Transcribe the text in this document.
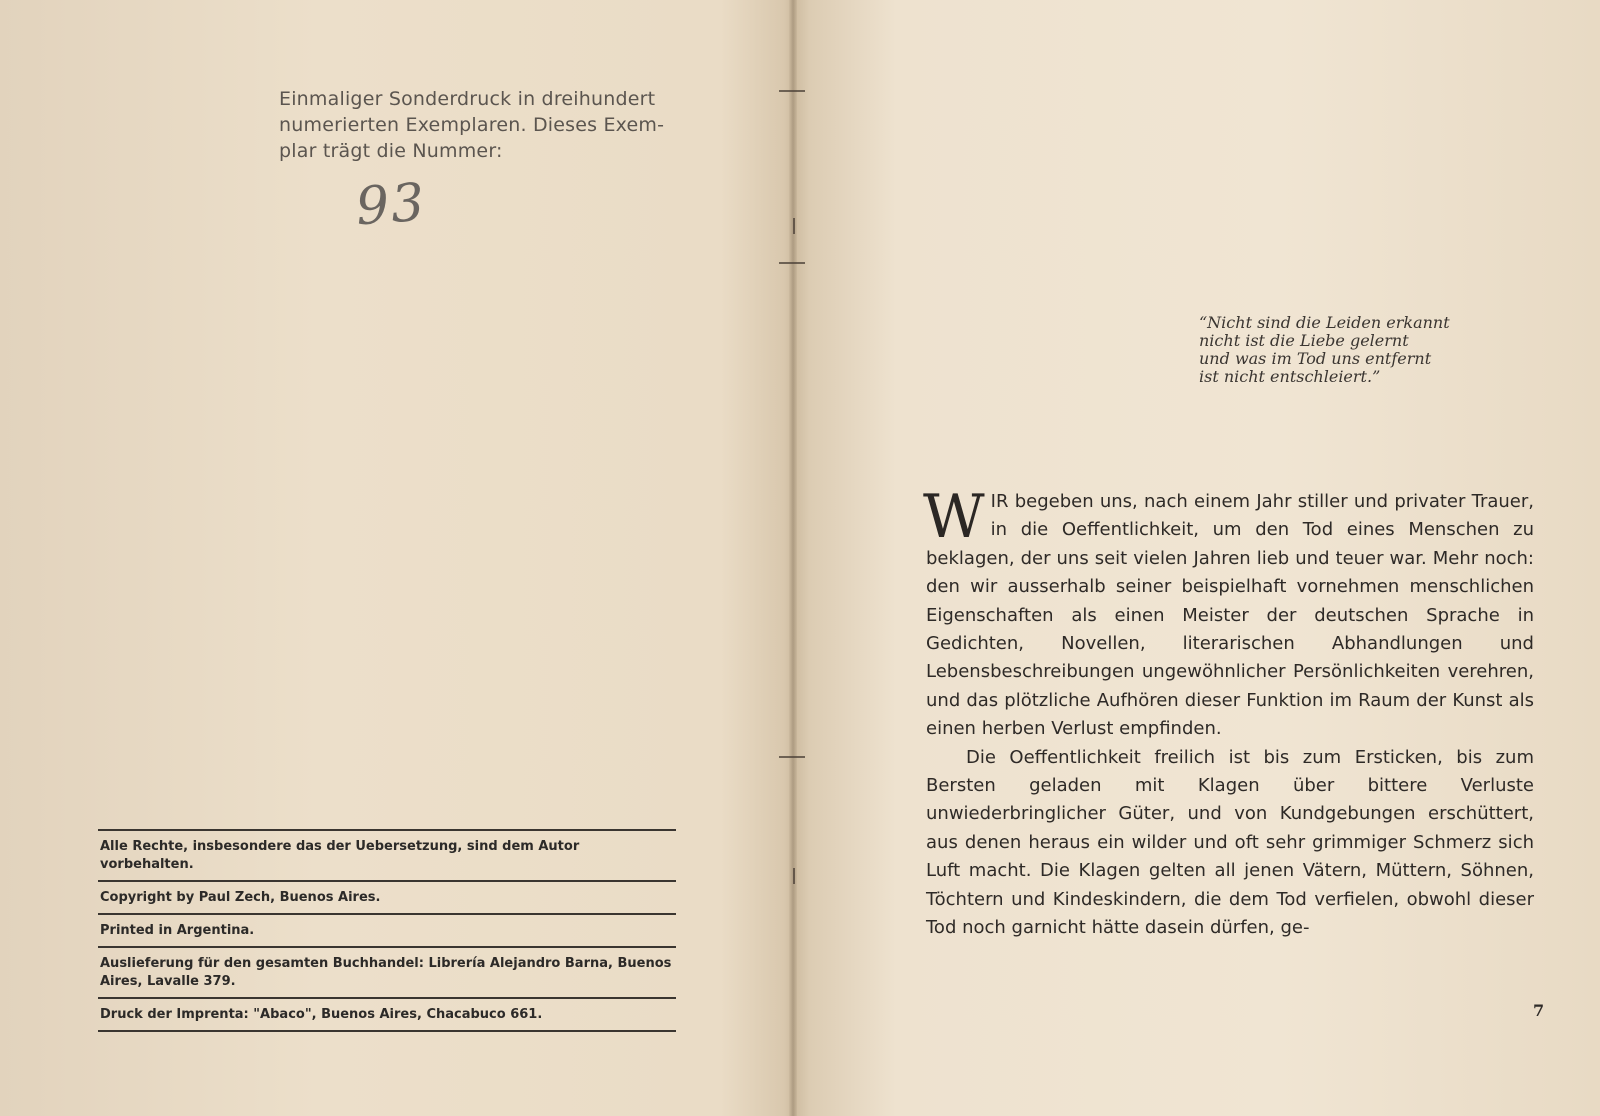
Einmaliger Sonderdruck in dreihundert

numerierten Exemplaren. Dieses Exem-

plar trägt die Nummer:

93
Alle Rechte, insbesondere das der Uebersetzung, sind dem Autor vorbehalten.
Copyright by Paul Zech, Buenos Aires.
Printed in Argentina.
Auslieferung für den gesamten Buchhandel: Librería Alejandro Barna, Buenos Aires, Lavalle 379.
Druck der Imprenta: "Abaco", Buenos Aires, Chacabuco 661.
“Nicht sind die Leiden erkannt
nicht ist die Liebe gelernt
und was im Tod uns entfernt
ist nicht entschleiert.”

WIR begeben uns, nach einem Jahr stiller und privater Trauer, in die Oeffentlichkeit, um den Tod eines Menschen zu beklagen, der uns seit vielen Jahren lieb und teuer war. Mehr noch: den wir ausserhalb seiner beispielhaft vornehmen menschlichen Eigenschaften als einen Meister der deutschen Sprache in Gedichten, Novellen, literarischen Abhandlungen und Lebensbeschreibungen ungewöhnlicher Persönlichkeiten verehren, und das plötzliche Aufhören dieser Funktion im Raum der Kunst als einen herben Verlust empfinden.

Die Oeffentlichkeit freilich ist bis zum Ersticken, bis zum Bersten geladen mit Klagen über bittere Verluste unwiederbringlicher Güter, und von Kundgebungen erschüttert, aus denen heraus ein wilder und oft sehr grimmiger Schmerz sich Luft macht. Die Klagen gelten all jenen Vätern, Müttern, Söhnen, Töchtern und Kindeskindern, die dem Tod verfielen, obwohl dieser Tod noch garnicht hätte dasein dürfen, ge-

7
